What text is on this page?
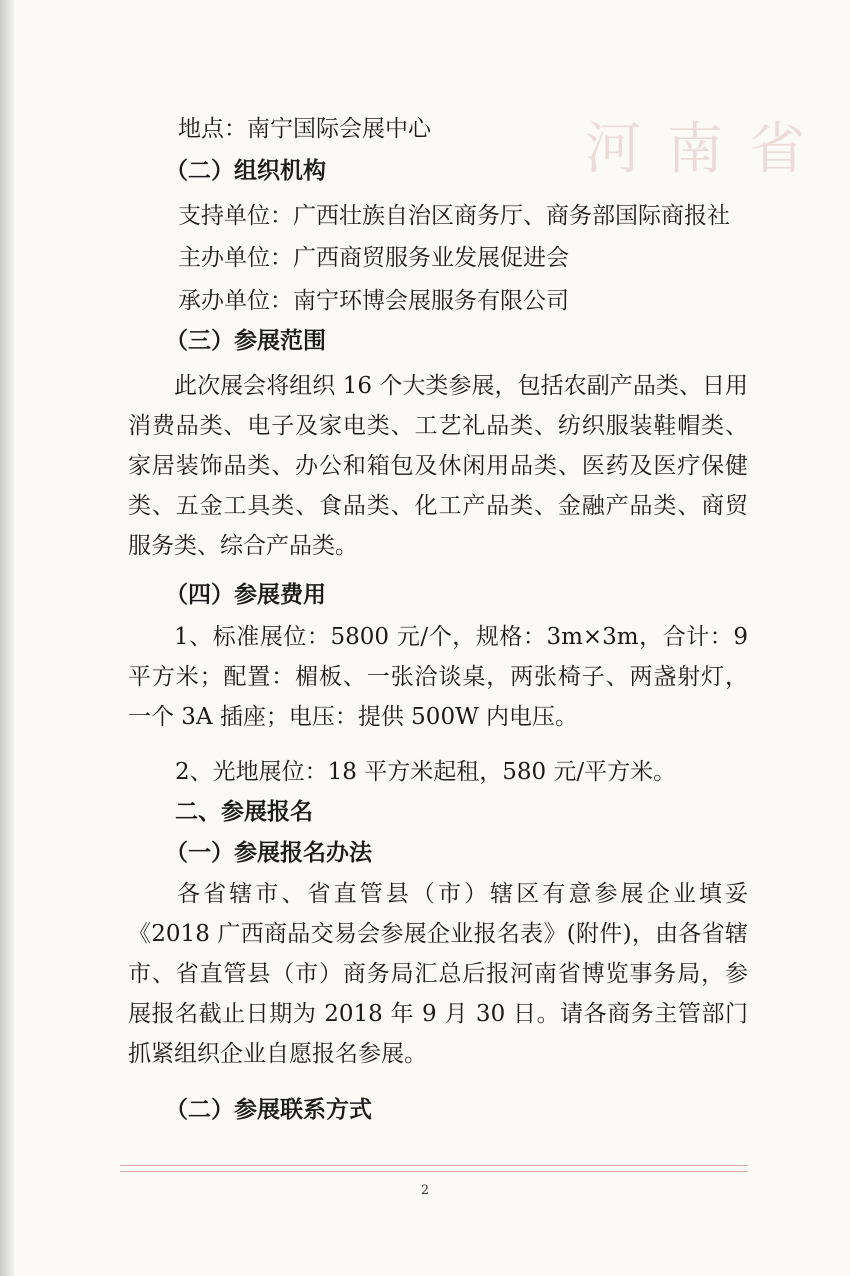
河南省
地点：南宁国际会展中心
（二）组织机构
支持单位：广西壮族自治区商务厅、商务部国际商报社
主办单位：广西商贸服务业发展促进会
承办单位：南宁环博会展服务有限公司
（三）参展范围
此次展会将组织 16 个大类参展，包括农副产品类、日用消费品类、电子及家电类、工艺礼品类、纺织服装鞋帽类、家居装饰品类、办公和箱包及休闲用品类、医药及医疗保健类、五金工具类、食品类、化工产品类、金融产品类、商贸服务类、综合产品类。
（四）参展费用
1、标准展位：5800 元/个，规格：3m×3m，合计：9 平方米；配置：楣板、一张洽谈桌，两张椅子、两盏射灯，一个 3A 插座；电压：提供 500W 内电压。
2、光地展位：18 平方米起租，580 元/平方米。
二、参展报名
（一）参展报名办法
各省辖市、省直管县（市）辖区有意参展企业填妥《2018 广西商品交易会参展企业报名表》(附件)，由各省辖市、省直管县（市）商务局汇总后报河南省博览事务局，参展报名截止日期为 2018 年 9 月 30 日。请各商务主管部门抓紧组织企业自愿报名参展。
（二）参展联系方式
2
